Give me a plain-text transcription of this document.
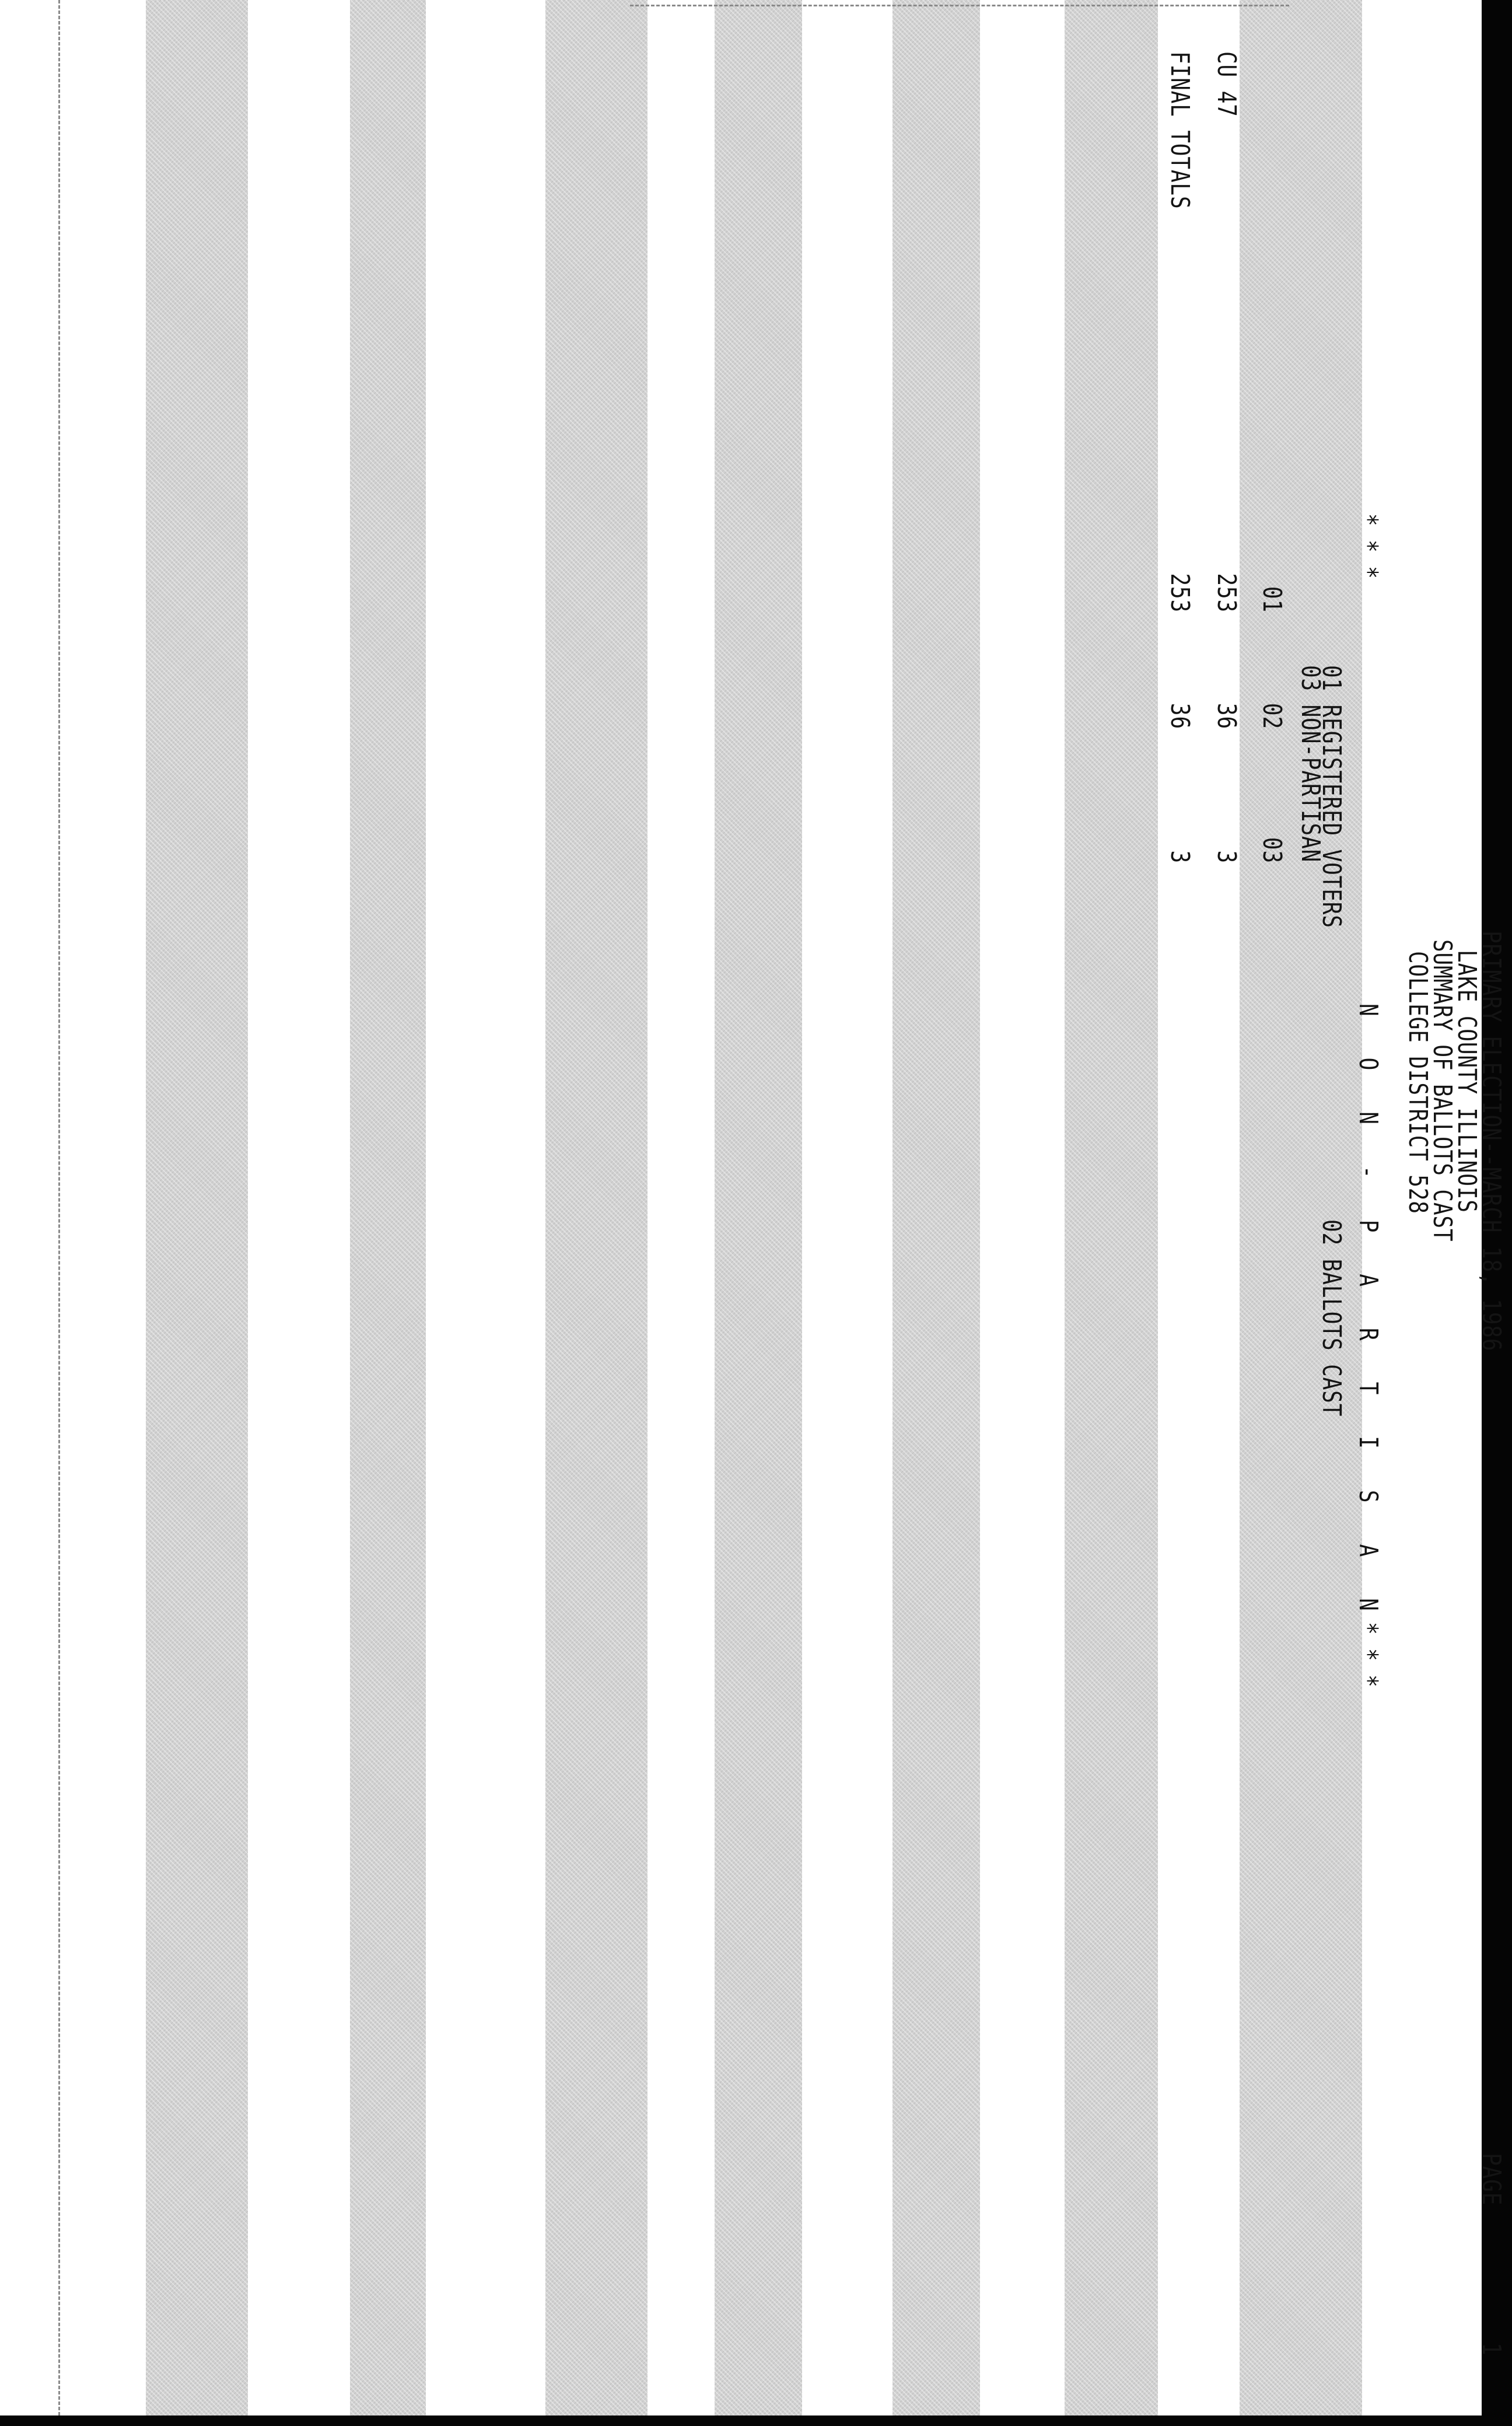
PRIMARY ELECTION--MARCH 18, 1986
LAKE COUNTY ILLINOIS
SUMMARY OF BALLOTS CAST
COLLEGE DISTRICT 528
PAGE
1
* * *
N O N - P A R T I S A N
* * *
01 REGISTERED VOTERS
02 BALLOTS CAST
03 NON-PARTISAN
01
02
03
CU 47
253
36
3
FINAL TOTALS
253
36
3
